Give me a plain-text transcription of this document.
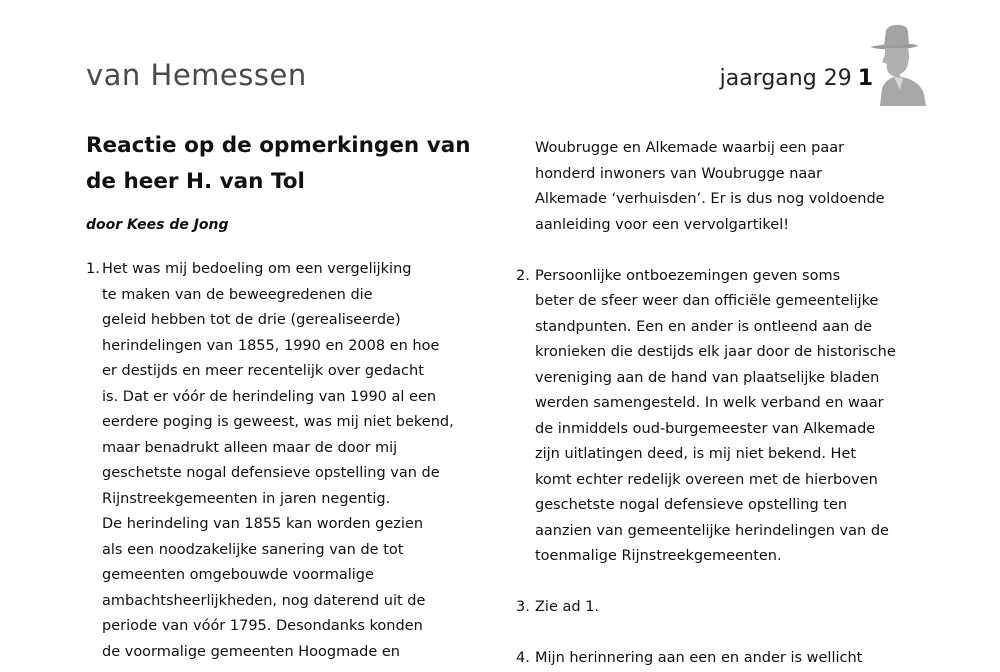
van Hemessen	jaargang 29 1
Reactie op de opmerkingen van
de heer H. van Tol

door Kees de Jong

1. Het was mij bedoeling om een vergelijking
te maken van de beweegredenen die
geleid hebben tot de drie (gerealiseerde)
herindelingen van 1855, 1990 en 2008 en hoe
er destijds en meer recentelijk over gedacht
is. Dat er vóór de herindeling van 1990 al een
eerdere poging is geweest, was mij niet bekend,
maar benadrukt alleen maar de door mij
geschetste nogal defensieve opstelling van de
Rijnstreekgemeenten in jaren negentig.
De herindeling van 1855 kan worden gezien
als een noodzakelijke sanering van de tot
gemeenten omgebouwde voormalige
ambachtsheerlijkheden, nog daterend uit de
periode van vóór 1795. Desondanks konden
de voormalige gemeenten Hoogmade en
Woubrugge en Alkemade waarbij een paar
honderd inwoners van Woubrugge naar
Alkemade ‘verhuisden’. Er is dus nog voldoende
aanleiding voor een vervolgartikel!
2. Persoonlijke ontboezemingen geven soms
beter de sfeer weer dan officiële gemeentelijke
standpunten. Een en ander is ontleend aan de
kronieken die destijds elk jaar door de historische
vereniging aan de hand van plaatselijke bladen
werden samengesteld. In welk verband en waar
de inmiddels oud-burgemeester van Alkemade
zijn uitlatingen deed, is mij niet bekend. Het
komt echter redelijk overeen met de hierboven
geschetste nogal defensieve opstelling ten
aanzien van gemeentelijke herindelingen van de
toenmalige Rijnstreekgemeenten.
3. Zie ad 1.
4. Mijn herinnering aan een en ander is wellicht
